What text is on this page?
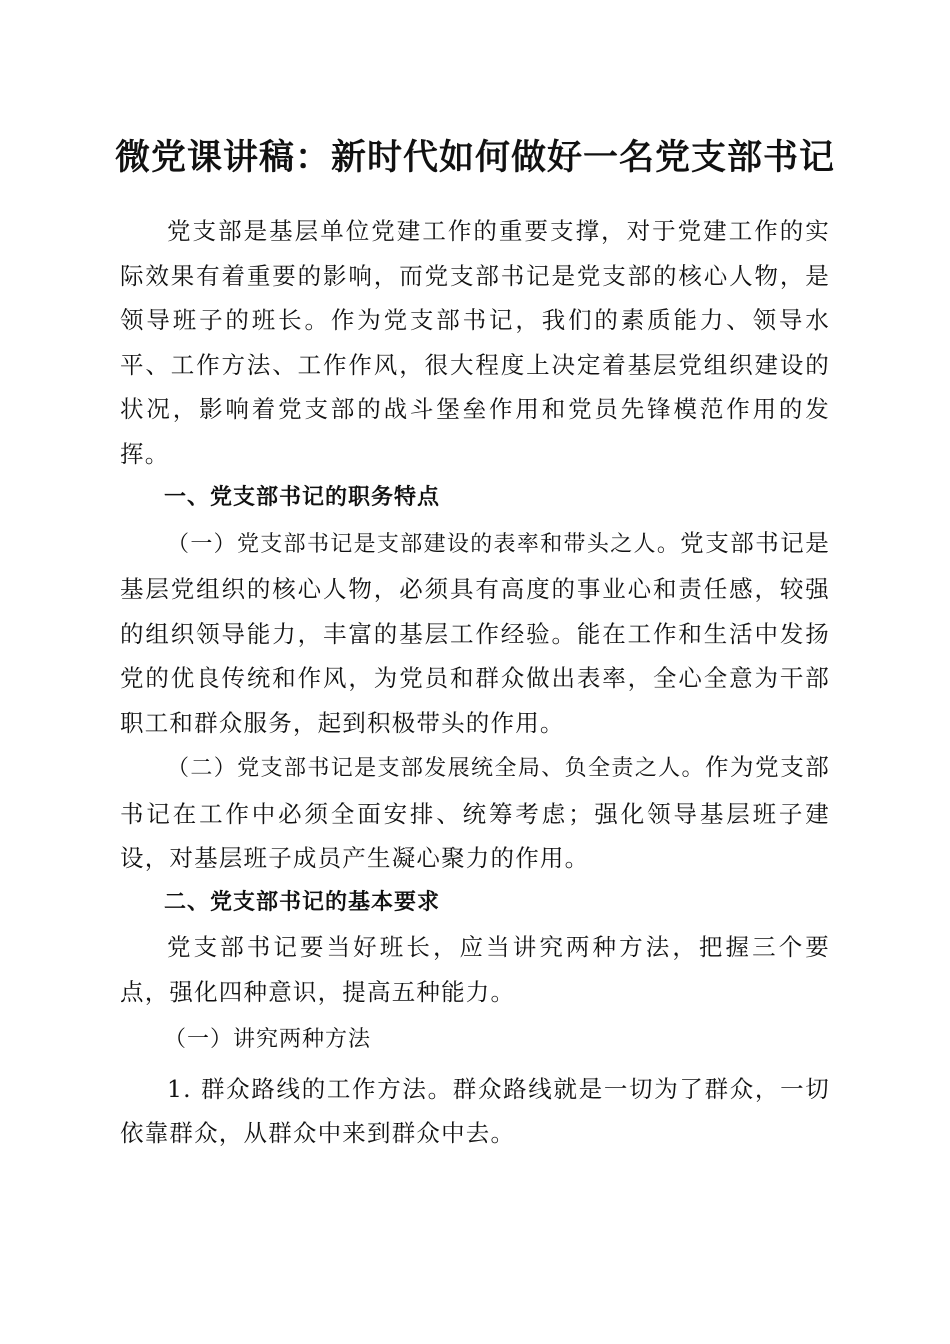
微党课讲稿：新时代如何做好一名党支部书记

党支部是基层单位党建工作的重要支撑，对于党建工作的实际效果有着重要的影响，而党支部书记是党支部的核心人物，是领导班子的班长。作为党支部书记，我们的素质能力、领导水平、工作方法、工作作风，很大程度上决定着基层党组织建设的状况，影响着党支部的战斗堡垒作用和党员先锋模范作用的发挥。

一、党支部书记的职务特点

（一）党支部书记是支部建设的表率和带头之人。党支部书记是基层党组织的核心人物，必须具有高度的事业心和责任感，较强的组织领导能力，丰富的基层工作经验。能在工作和生活中发扬党的优良传统和作风，为党员和群众做出表率，全心全意为干部职工和群众服务，起到积极带头的作用。

（二）党支部书记是支部发展统全局、负全责之人。作为党支部书记在工作中必须全面安排、统筹考虑；强化领导基层班子建设，对基层班子成员产生凝心聚力的作用。

二、党支部书记的基本要求

党支部书记要当好班长，应当讲究两种方法，把握三个要点，强化四种意识，提高五种能力。

（一）讲究两种方法

1. 群众路线的工作方法。群众路线就是一切为了群众，一切依靠群众，从群众中来到群众中去。
